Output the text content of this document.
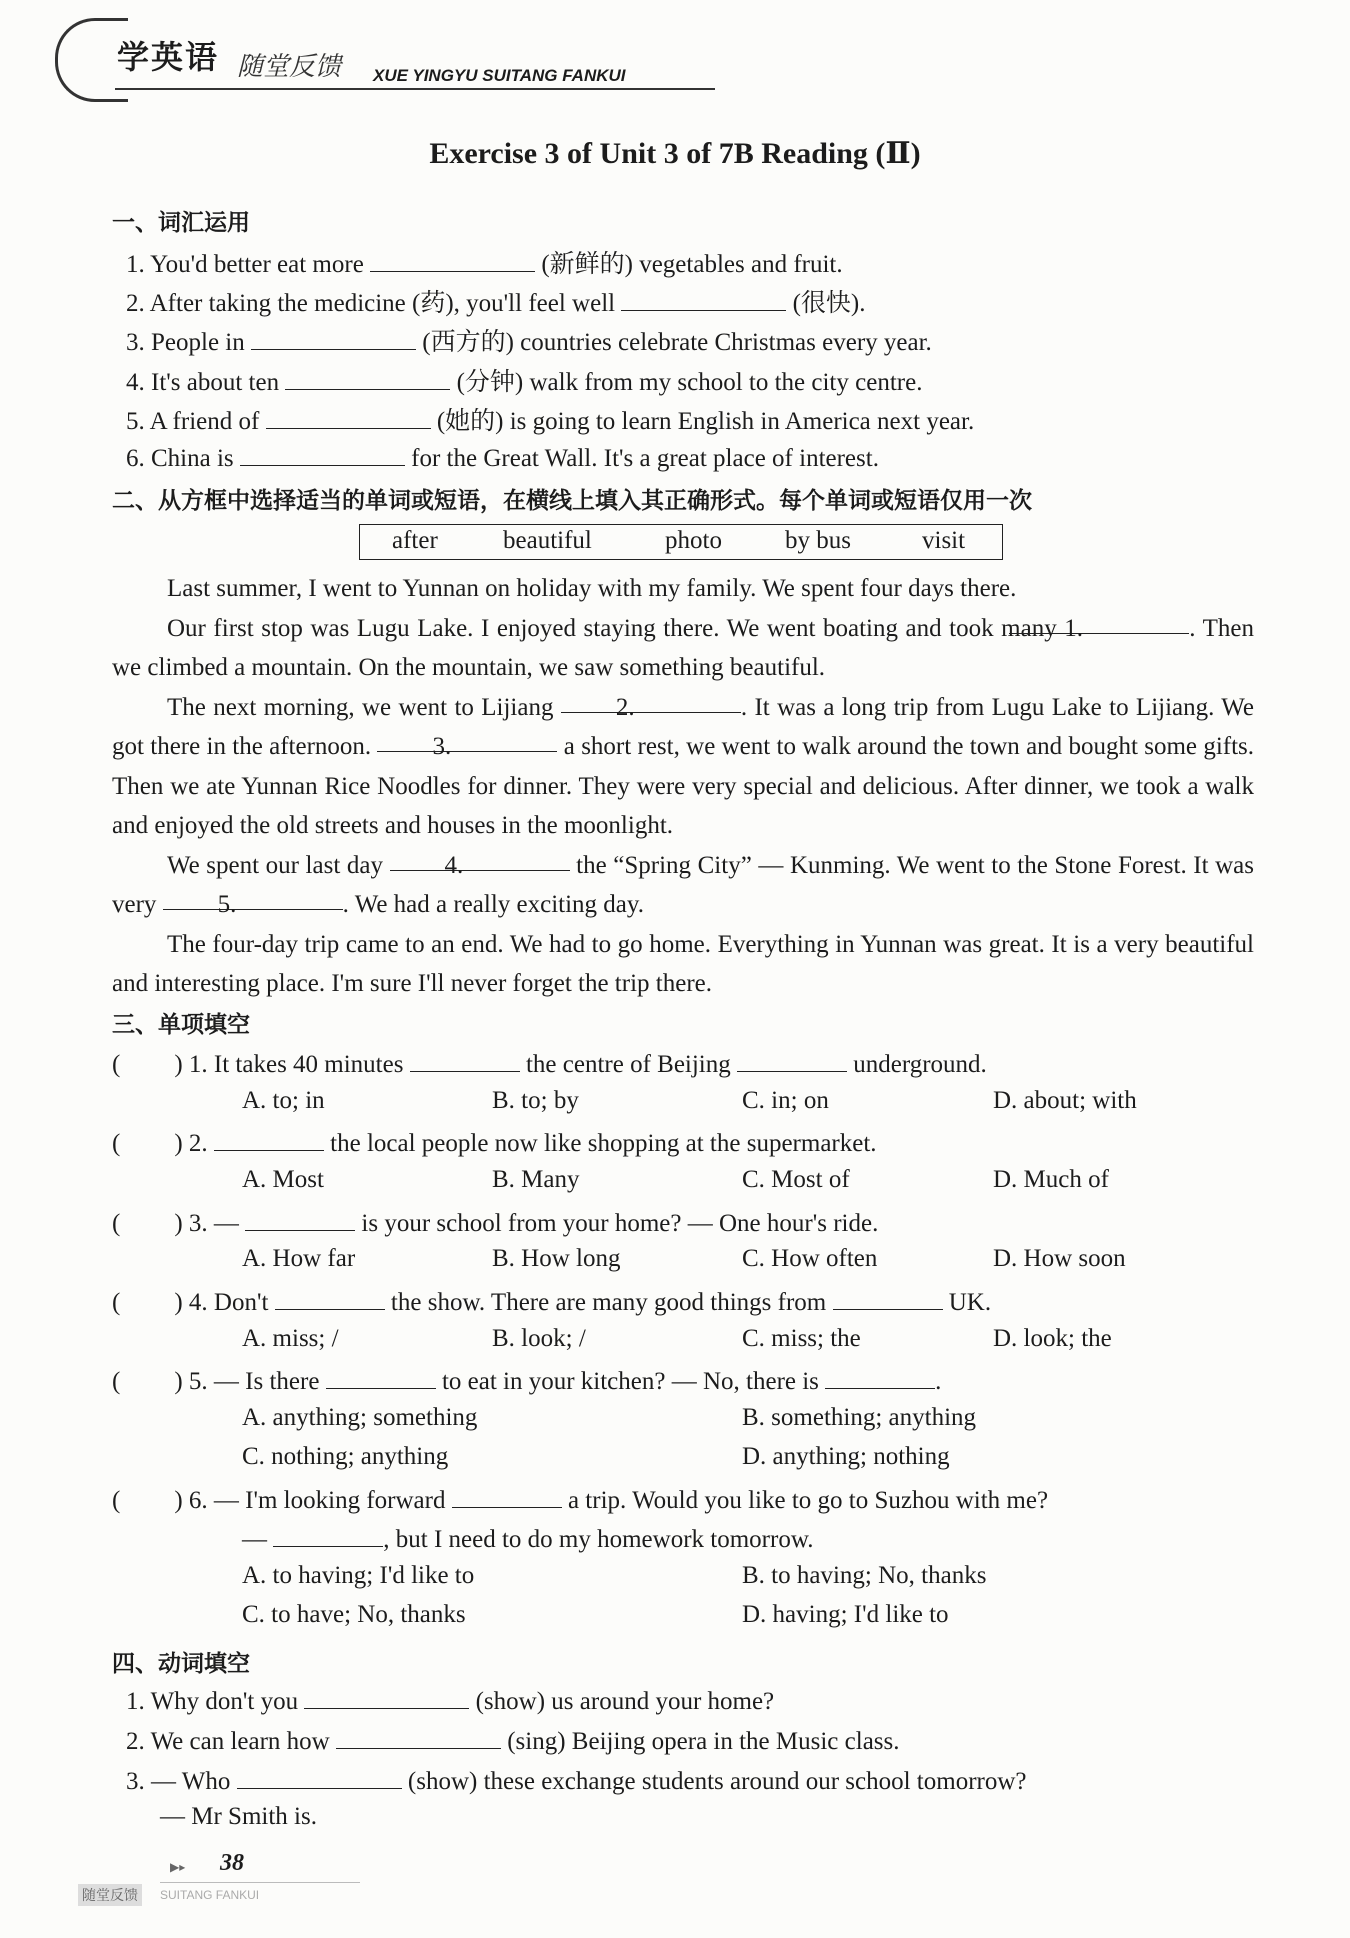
学英语 随堂反馈 XUE YINGYU SUITANG FANKUI
Exercise 3 of Unit 3 of 7B Reading (Ⅱ)
一、词汇运用
1. You'd better eat more	(新鲜的) vegetables and fruit.
2. After taking the medicine (药), you'll feel well	(很快).
3. People in	(西方的) countries celebrate Christmas every year.
4. It's about ten	(分钟) walk from my school to the city centre.
5. A friend of	(她的) is going to learn English in America next year.
6. China is	for the Great Wall. It's a great place of interest.
二、从方框中选择适当的单词或短语，在横线上填入其正确形式。每个单词或短语仅用一次
after	beautiful	photo	by bus	visit

Last summer, I went to Yunnan on holiday with my family. We spent four days there.

Our first stop was Lugu Lake. I enjoyed staying there. We went boating and took many 1.	. Then we climbed a mountain. On the mountain, we saw something beautiful.

The next morning, we went to Lijiang 2.	. It was a long trip from Lugu Lake to Lijiang. We got there in the afternoon. 3.	a short rest, we went to walk around the town and bought some gifts. Then we ate Yunnan Rice Noodles for dinner. They were very special and delicious. After dinner, we took a walk and enjoyed the old streets and houses in the moonlight.

We spent our last day 4.	the “Spring City” — Kunming. We went to the Stone Forest. It was very 5.	. We had a really exciting day.

The four-day trip came to an end. We had to go home. Everything in Yunnan was great. It is a very beautiful and interesting place. I'm sure I'll never forget the trip there.

三、单项填空
( ) 1. It takes 40 minutes	the centre of Beijing	underground.
A. to; in	B. to; by	C. in; on	D. about; with
( ) 2.	the local people now like shopping at the supermarket.
A. Most	B. Many	C. Most of	D. Much of
( ) 3. —	is your school from your home? — One hour's ride.
A. How far	B. How long	C. How often	D. How soon
( ) 4. Don't	the show. There are many good things from	UK.
A. miss; /	B. look; /	C. miss; the	D. look; the
( ) 5. — Is there	to eat in your kitchen? — No, there is	.
A. anything; something	B. something; anything
C. nothing; anything	D. anything; nothing
( ) 6. — I'm looking forward	a trip. Would you like to go to Suzhou with me?
—	, but I need to do my homework tomorrow.
A. to having; I'd like to	B. to having; No, thanks
C. to have; No, thanks	D. having; I'd like to
四、动词填空
1. Why don't you	(show) us around your home?
2. We can learn how	(sing) Beijing opera in the Music class.
3. — Who	(show) these exchange students around our school tomorrow?
— Mr Smith is.
▶▸ 38
随堂反馈	SUITANG FANKUI
